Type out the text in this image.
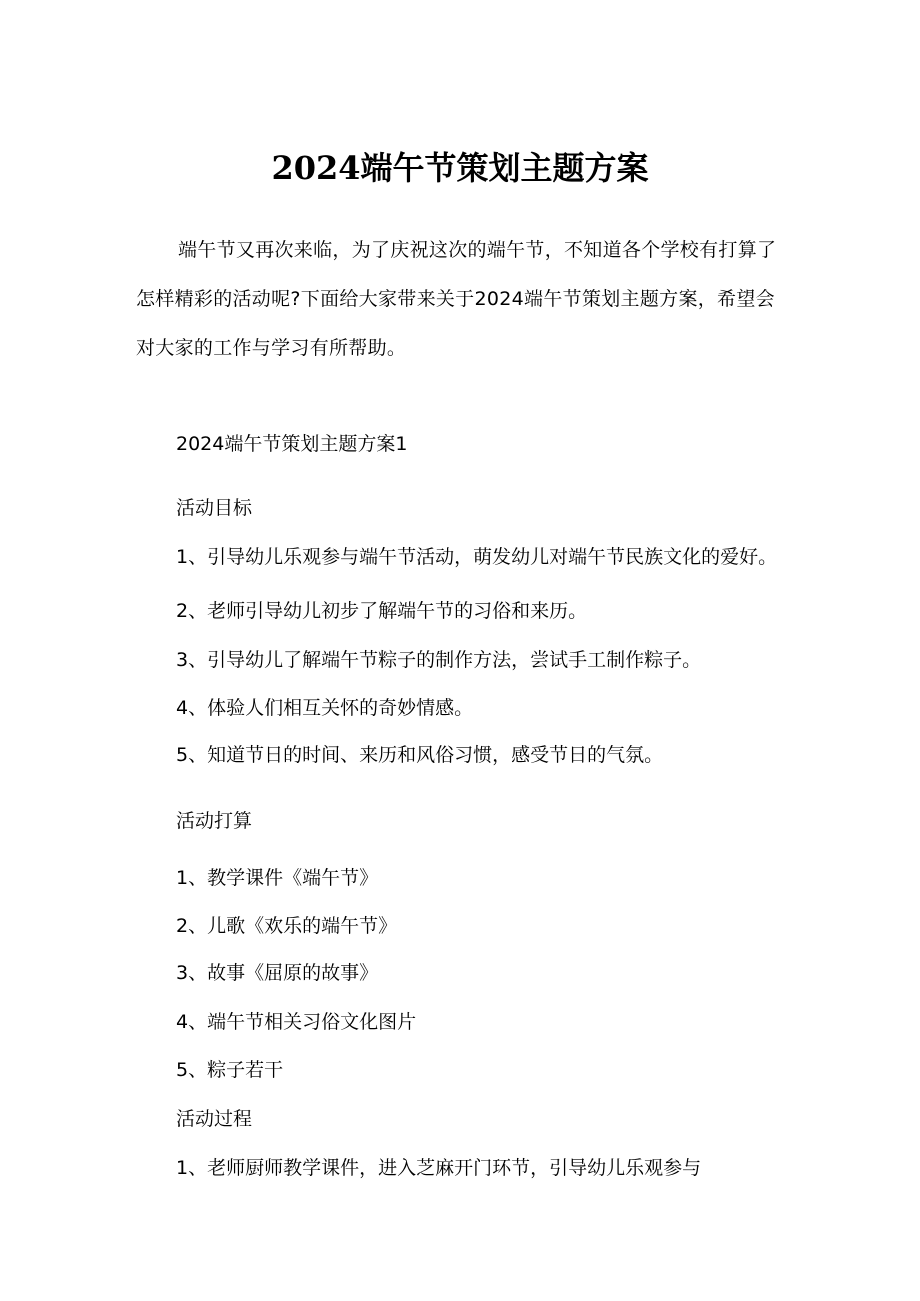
2024端午节策划主题方案

端午节又再次来临，为了庆祝这次的端午节，不知道各个学校有打算了怎样精彩的活动呢?下面给大家带来关于2024端午节策划主题方案，希望会对大家的工作与学习有所帮助。

2024端午节策划主题方案1

活动目标

1、引导幼儿乐观参与端午节活动，萌发幼儿对端午节民族文化的爱好。

2、老师引导幼儿初步了解端午节的习俗和来历。

3、引导幼儿了解端午节粽子的制作方法，尝试手工制作粽子。

4、体验人们相互关怀的奇妙情感。

5、知道节日的时间、来历和风俗习惯，感受节日的气氛。

活动打算

1、教学课件《端午节》

2、儿歌《欢乐的端午节》

3、故事《屈原的故事》

4、端午节相关习俗文化图片

5、粽子若干

活动过程

1、老师厨师教学课件，进入芝麻开门环节，引导幼儿乐观参与
